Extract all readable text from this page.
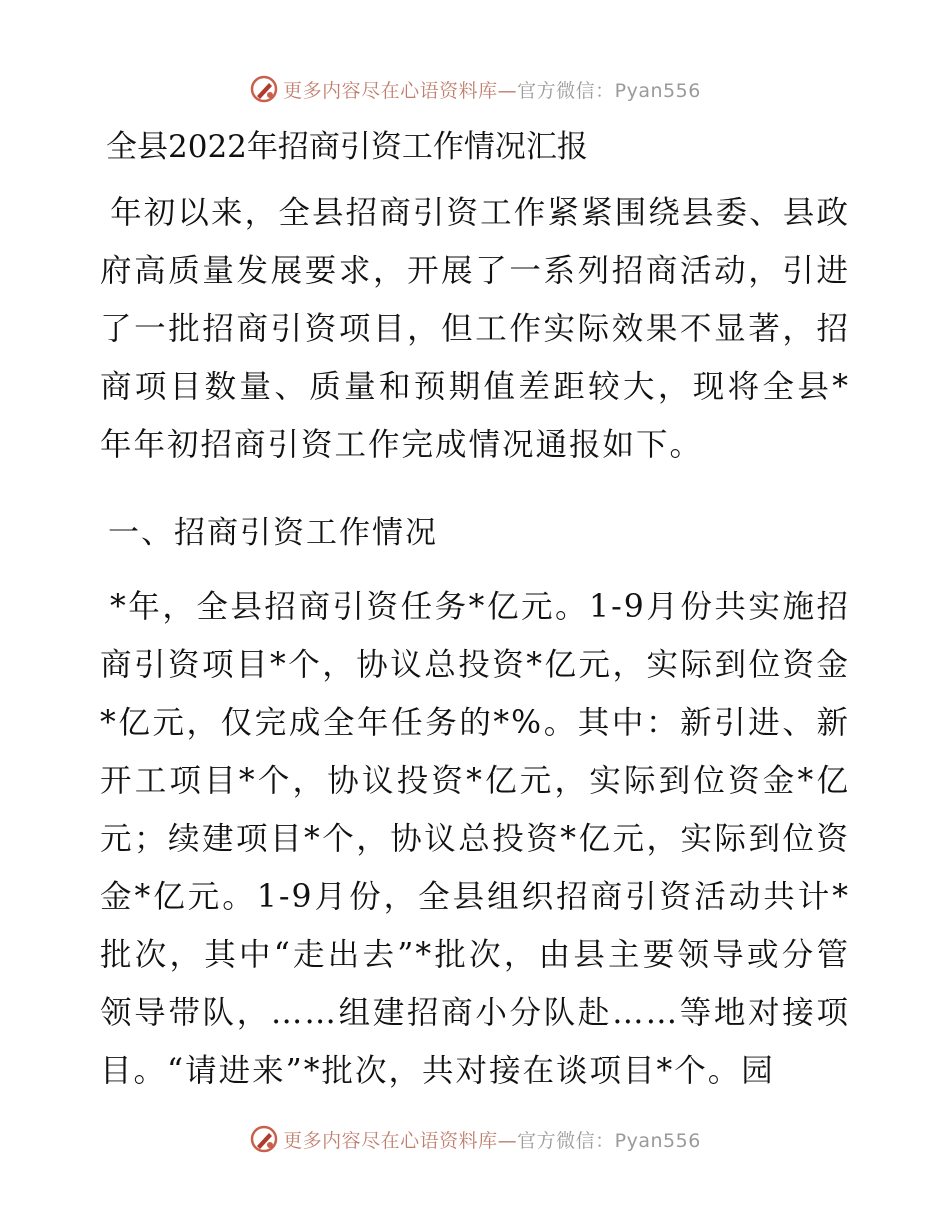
更多内容尽在心语资料库—官方微信：Pyan556
全县2022年招商引资工作情况汇报

年初以来，全县招商引资工作紧紧围绕县委、县政府高质量发展要求，开展了一系列招商活动，引进了一批招商引资项目，但工作实际效果不显著，招商项目数量、质量和预期值差距较大，现将全县*年年初招商引资工作完成情况通报如下。

一、招商引资工作情况

*年，全县招商引资任务*亿元。1-9月份共实施招商引资项目*个，协议总投资*亿元，实际到位资金*亿元，仅完成全年任务的*%。其中：新引进、新开工项目*个，协议投资*亿元，实际到位资金*亿元；续建项目*个，协议总投资*亿元，实际到位资金*亿元。1-9月份，全县组织招商引资活动共计*批次，其中“走出去”*批次，由县主要领导或分管领导带队，……组建招商小分队赴……等地对接项目。“请进来”*批次，共对接在谈项目*个。园

更多内容尽在心语资料库—官方微信：Pyan556
